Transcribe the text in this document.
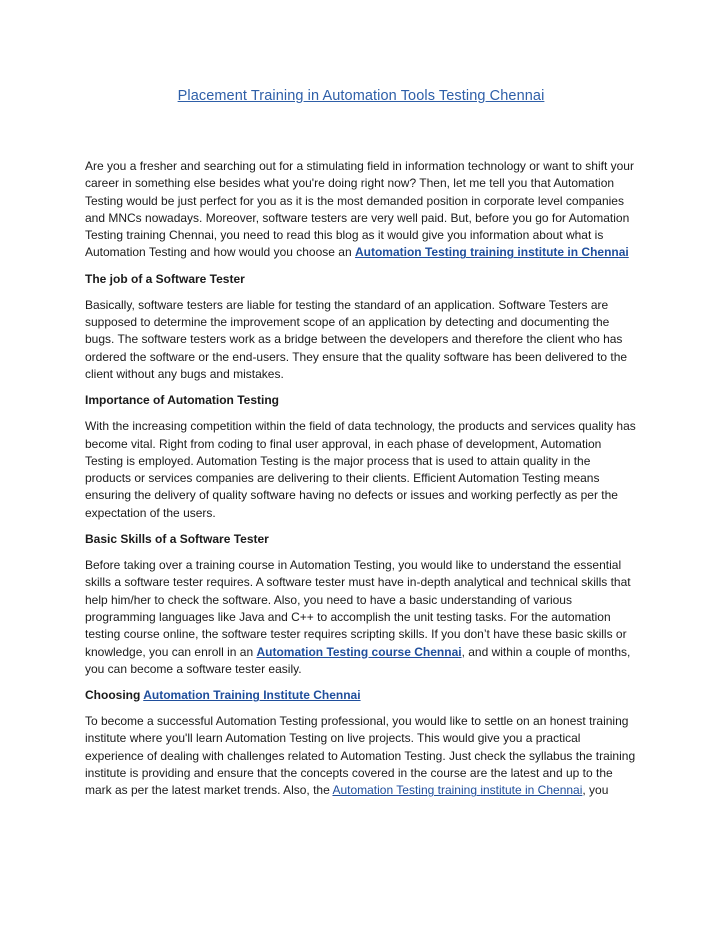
Placement Training in Automation Tools Testing Chennai

Are you a fresher and searching out for a stimulating field in information technology or want to shift your career in something else besides what you're doing right now? Then, let me tell you that Automation Testing would be just perfect for you as it is the most demanded position in corporate level companies and MNCs nowadays. Moreover, software testers are very well paid. But, before you go for Automation Testing training Chennai, you need to read this blog as it would give you information about what is Automation Testing and how would you choose an Automation Testing training institute in Chennai

The job of a Software Tester

Basically, software testers are liable for testing the standard of an application. Software Testers are supposed to determine the improvement scope of an application by detecting and documenting the bugs. The software testers work as a bridge between the developers and therefore the client who has ordered the software or the end-users. They ensure that the quality software has been delivered to the client without any bugs and mistakes.

Importance of Automation Testing

With the increasing competition within the field of data technology, the products and services quality has become vital. Right from coding to final user approval, in each phase of development, Automation Testing is employed. Automation Testing is the major process that is used to attain quality in the products or services companies are delivering to their clients. Efficient Automation Testing means ensuring the delivery of quality software having no defects or issues and working perfectly as per the expectation of the users.

Basic Skills of a Software Tester

Before taking over a training course in Automation Testing, you would like to understand the essential skills a software tester requires. A software tester must have in-depth analytical and technical skills that help him/her to check the software. Also, you need to have a basic understanding of various programming languages like Java and C++ to accomplish the unit testing tasks. For the automation testing course online, the software tester requires scripting skills. If you don’t have these basic skills or knowledge, you can enroll in an Automation Testing course Chennai, and within a couple of months, you can become a software tester easily.

Choosing Automation Training Institute Chennai

To become a successful Automation Testing professional, you would like to settle on an honest training institute where you'll learn Automation Testing on live projects. This would give you a practical experience of dealing with challenges related to Automation Testing. Just check the syllabus the training institute is providing and ensure that the concepts covered in the course are the latest and up to the mark as per the latest market trends. Also, the Automation Testing training institute in Chennai, you
